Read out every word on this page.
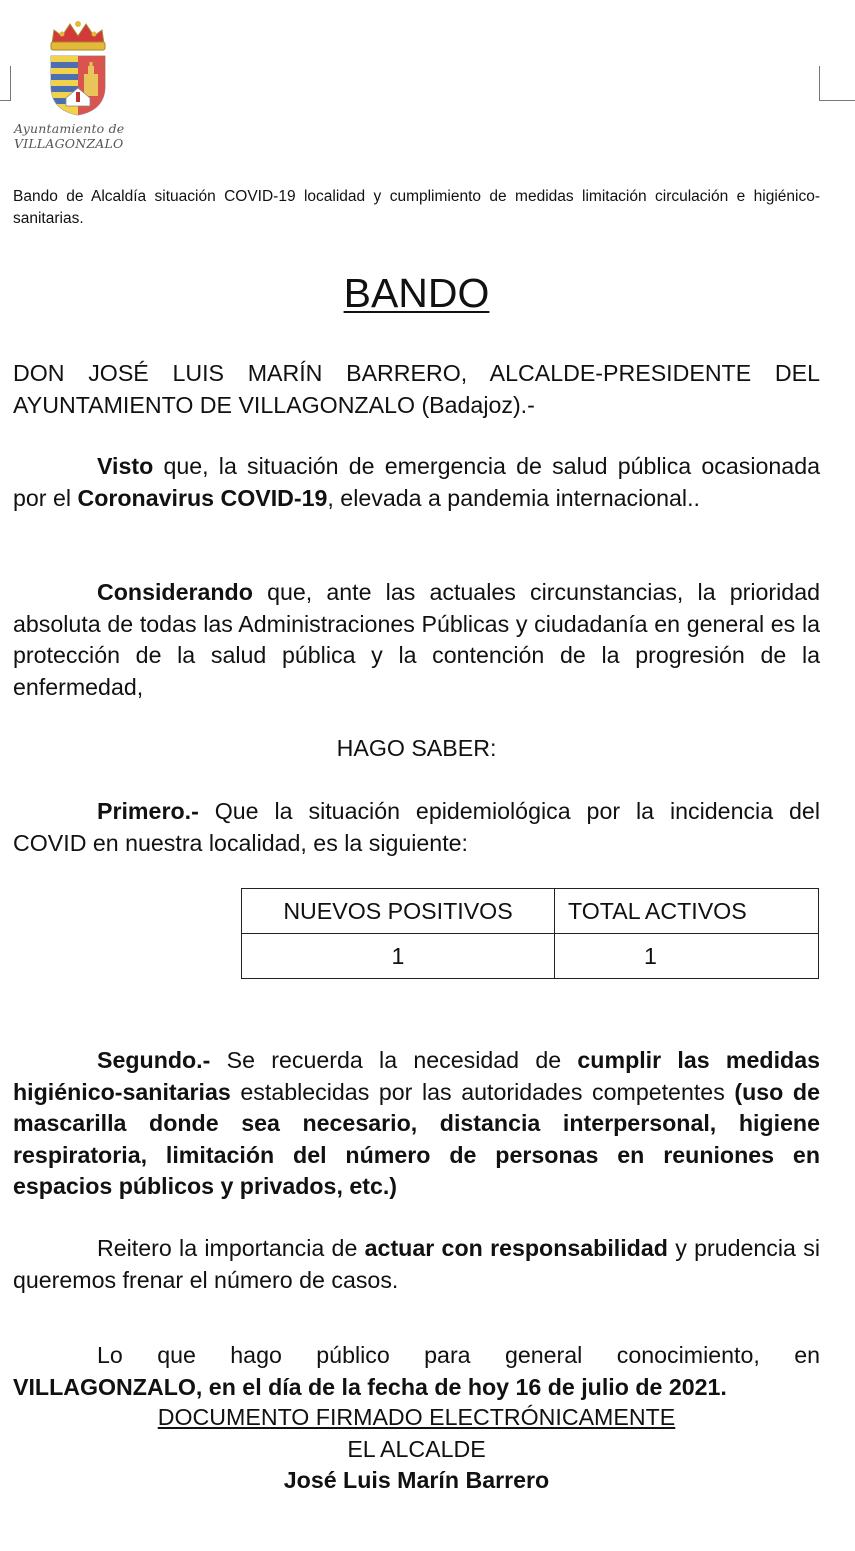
Ayuntamiento de
VILLAGONZALO
Bando de Alcaldía situación COVID-19 localidad y cumplimiento de medidas limitación circulación e higiénico-sanitarias.
BANDO
DON JOSÉ LUIS MARÍN BARRERO, ALCALDE-PRESIDENTE DEL AYUNTAMIENTO DE VILLAGONZALO (Badajoz).-
Visto que, la situación de emergencia de salud pública ocasionada por el Coronavirus COVID-19, elevada a pandemia internacional..
Considerando que, ante las actuales circunstancias, la prioridad absoluta de todas las Administraciones Públicas y ciudadanía en general es la protección de la salud pública y la contención de la progresión de la enfermedad,
HAGO SABER:
Primero.- Que la situación epidemiológica por la incidencia del COVID en nuestra localidad, es la siguiente:
NUEVOS POSITIVOS	TOTAL ACTIVOS
1	1
Segundo.- Se recuerda la necesidad de cumplir las medidas higiénico-sanitarias establecidas por las autoridades competentes (uso de mascarilla donde sea necesario, distancia interpersonal, higiene respiratoria, limitación del número de personas en reuniones en espacios públicos y privados, etc.)
Reitero la importancia de actuar con responsabilidad y prudencia si queremos frenar el número de casos.
Lo que hago público para general conocimiento, en VILLAGONZALO, en el día de la fecha de hoy 16 de julio de 2021.
DOCUMENTO FIRMADO ELECTRÓNICAMENTE
EL ALCALDE
José Luis Marín Barrero
